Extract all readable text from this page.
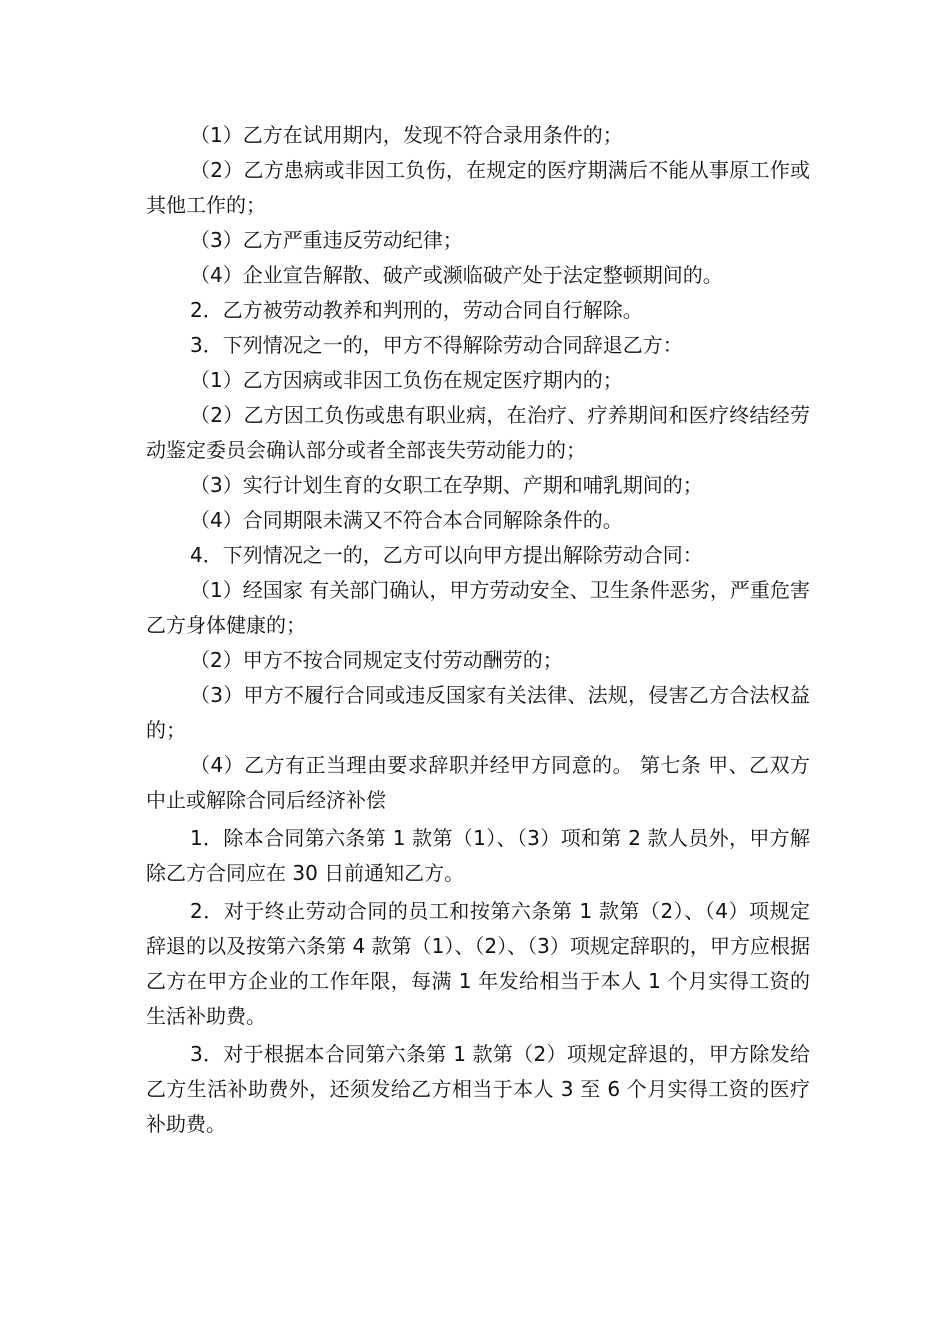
（1）乙方在试用期内，发现不符合录用条件的；

（2）乙方患病或非因工负伤，在规定的医疗期满后不能从事原工作或其他工作的；

（3）乙方严重违反劳动纪律；

（4）企业宣告解散、破产或濒临破产处于法定整顿期间的。

2．乙方被劳动教养和判刑的，劳动合同自行解除。

3．下列情况之一的，甲方不得解除劳动合同辞退乙方：

（1）乙方因病或非因工负伤在规定医疗期内的；

（2）乙方因工负伤或患有职业病，在治疗、疗养期间和医疗终结经劳动鉴定委员会确认部分或者全部丧失劳动能力的；

（3）实行计划生育的女职工在孕期、产期和哺乳期间的；

（4）合同期限未满又不符合本合同解除条件的。

4．下列情况之一的，乙方可以向甲方提出解除劳动合同：

（1）经国家 有关部门确认，甲方劳动安全、卫生条件恶劣，严重危害乙方身体健康的；

（2）甲方不按合同规定支付劳动酬劳的；

（3）甲方不履行合同或违反国家有关法律、法规，侵害乙方合法权益的；

（4）乙方有正当理由要求辞职并经甲方同意的。 第七条 甲、乙双方中止或解除合同后经济补偿

1．除本合同第六条第 1 款第（1）、（3）项和第 2 款人员外，甲方解除乙方合同应在 30 日前通知乙方。

2．对于终止劳动合同的员工和按第六条第 1 款第（2）、（4）项规定辞退的以及按第六条第 4 款第（1）、（2）、（3）项规定辞职的，甲方应根据乙方在甲方企业的工作年限，每满 1 年发给相当于本人 1 个月实得工资的生活补助费。

3．对于根据本合同第六条第 1 款第（2）项规定辞退的，甲方除发给乙方生活补助费外，还须发给乙方相当于本人 3 至 6 个月实得工资的医疗补助费。
